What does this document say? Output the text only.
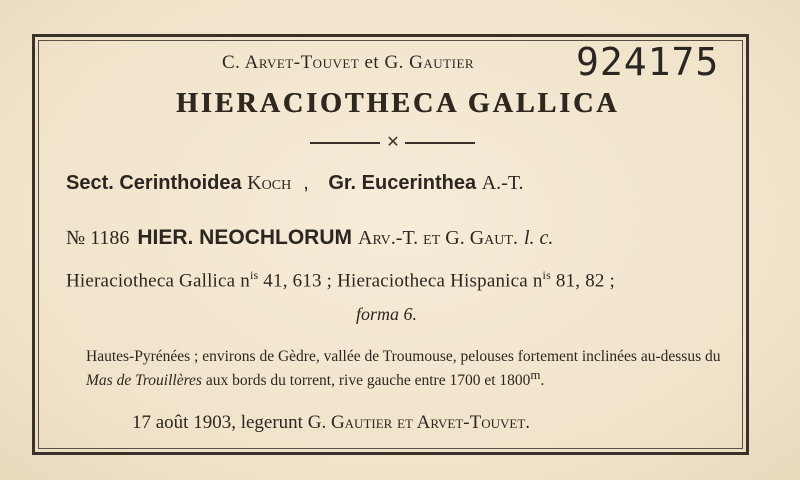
C. Arvet-Touvet et G. Gautier	924175
HIERACIOTHECA GALLICA
✕
Sect. Cerinthoidea Koch , Gr. Eucerinthea A.-T.
№ 1186 HIER. NEOCHLORUM Arv.-T. et G. Gaut. l. c.
Hieraciotheca Gallica $n^{is}$ 41, 613 ; Hieraciotheca Hispanica $n^{is}$ 81, 82 ;
forma 6.
Hautes-Pyrénées ; environs de Gèdre, vallée de Troumouse, pelouses fortement inclinées au-dessus du Mas de Trouillères aux bords du torrent, rive gauche entre 1700 et 1800$^m$.
17 août 1903, legerunt G. Gautier et Arvet-Touvet.
